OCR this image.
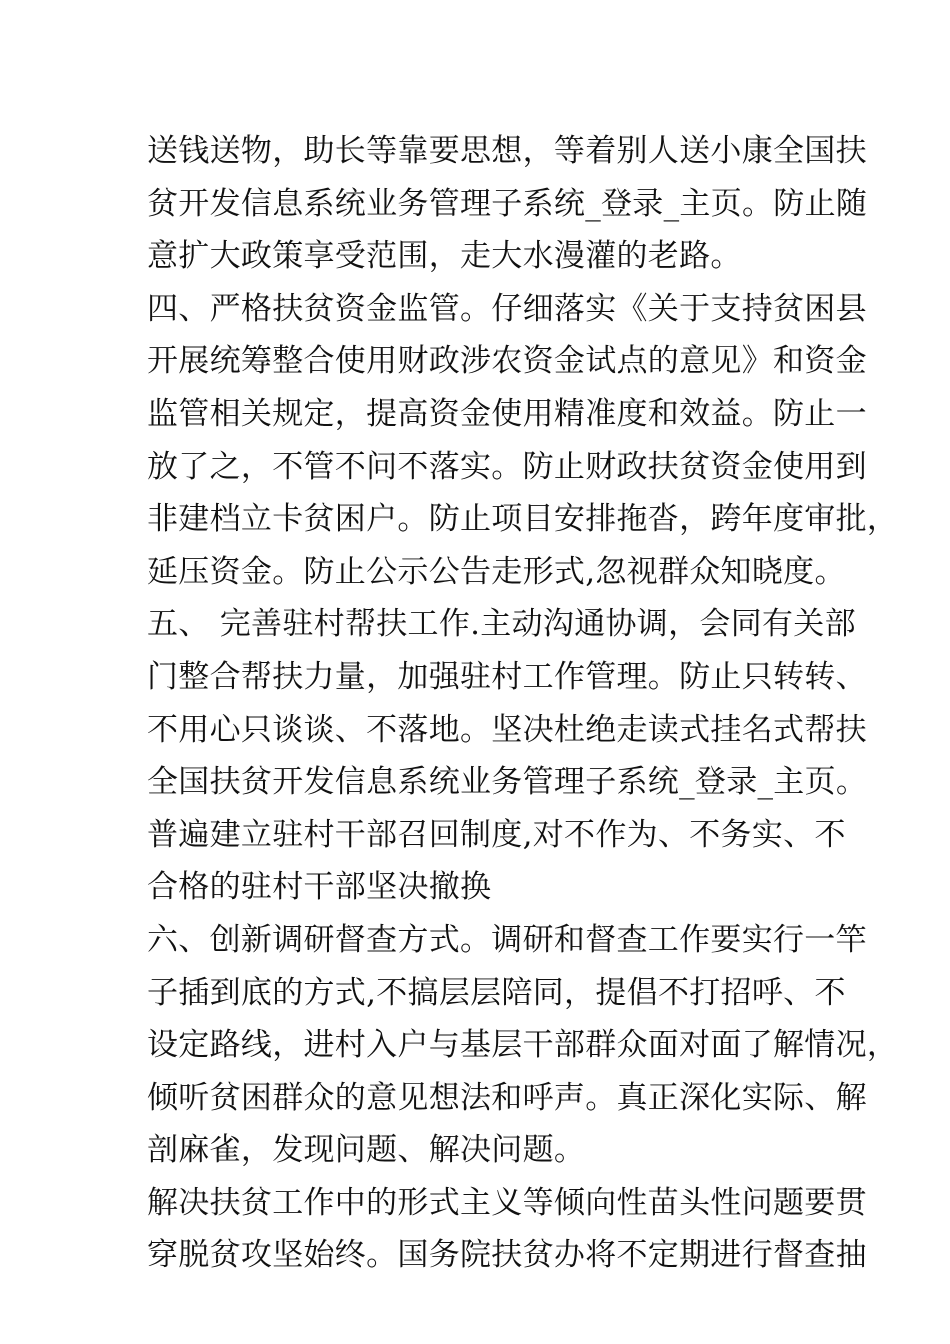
送钱送物，助长等靠要思想，等着别人送小康全国扶
贫开发信息系统业务管理子系统_登录_主页。防止随
意扩大政策享受范围，走大水漫灌的老路。
四、严格扶贫资金监管。仔细落实《关于支持贫困县
开展统筹整合使用财政涉农资金试点的意见》和资金
监管相关规定，提高资金使用精准度和效益。防止一
放了之，不管不问不落实。防止财政扶贫资金使用到
非建档立卡贫困户。防止项目安排拖沓，跨年度审批，
延压资金。防止公示公告走形式,忽视群众知晓度。
五、 完善驻村帮扶工作.主动沟通协调，会同有关部
门整合帮扶力量，加强驻村工作管理。防止只转转、
不用心只谈谈、不落地。坚决杜绝走读式挂名式帮扶
全国扶贫开发信息系统业务管理子系统_登录_主页。
普遍建立驻村干部召回制度,对不作为、不务实、不
合格的驻村干部坚决撤换
六、创新调研督查方式。调研和督查工作要实行一竿
子插到底的方式,不搞层层陪同，提倡不打招呼、不
设定路线，进村入户与基层干部群众面对面了解情况，
倾听贫困群众的意见想法和呼声。真正深化实际、解
剖麻雀，发现问题、解决问题。
解决扶贫工作中的形式主义等倾向性苗头性问题要贯
穿脱贫攻坚始终。国务院扶贫办将不定期进行督查抽
